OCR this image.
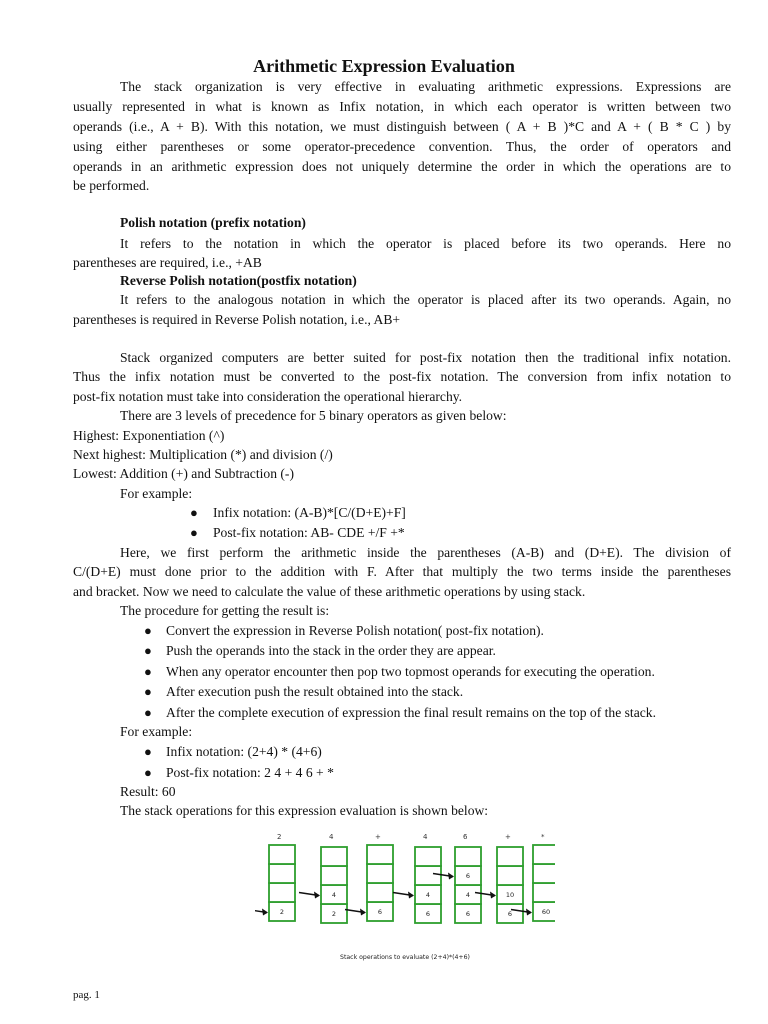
Arithmetic Expression Evaluation
The stack organization is very effective in evaluating arithmetic expressions. Expressions are
usually represented in what is known as Infix notation, in which each operator is written between two
operands (i.e., A + B). With this notation, we must distinguish between ( A + B )*C and A + ( B * C ) by
using either parentheses or some operator-precedence convention. Thus, the order of operators and
operands in an arithmetic expression does not uniquely determine the order in which the operations are to
be performed.
Polish notation (prefix notation)
It refers to the notation in which the operator is placed before its two operands. Here no
parentheses are required, i.e., +AB
Reverse Polish notation(postfix notation)
It refers to the analogous notation in which the operator is placed after its two operands. Again, no
parentheses is required in Reverse Polish notation, i.e., AB+
Stack organized computers are better suited for post-fix notation then the traditional infix notation.
Thus the infix notation must be converted to the post-fix notation. The conversion from infix notation to
post-fix notation must take into consideration the operational hierarchy.
There are 3 levels of precedence for 5 binary operators as given below:
Highest: Exponentiation (^)
Next highest: Multiplication (*) and division (/)
Lowest: Addition (+) and Subtraction (-)
For example:
● Infix notation: (A-B)*[C/(D+E)+F]
● Post-fix notation: AB- CDE +/F +*
Here, we first perform the arithmetic inside the parentheses (A-B) and (D+E). The division of
C/(D+E) must done prior to the addition with F. After that multiply the two terms inside the parentheses
and bracket. Now we need to calculate the value of these arithmetic operations by using stack.
The procedure for getting the result is:
● Convert the expression in Reverse Polish notation( post-fix notation).
● Push the operands into the stack in the order they are appear.
● When any operator encounter then pop two topmost operands for executing the operation.
● After execution push the result obtained into the stack.
● After the complete execution of expression the final result remains on the top of the stack.
For example:
● Infix notation: (2+4) * (4+6)
● Post-fix notation: 2 4 + 4 6 + *
Result: 60
The stack operations for this expression evaluation is shown below:
2
2
4
2
4
+
6
4
6
4
6
6
4
6
+
6
10
*
60
Stack operations to evaluate (2+4)*(4+6)
pag. 1
